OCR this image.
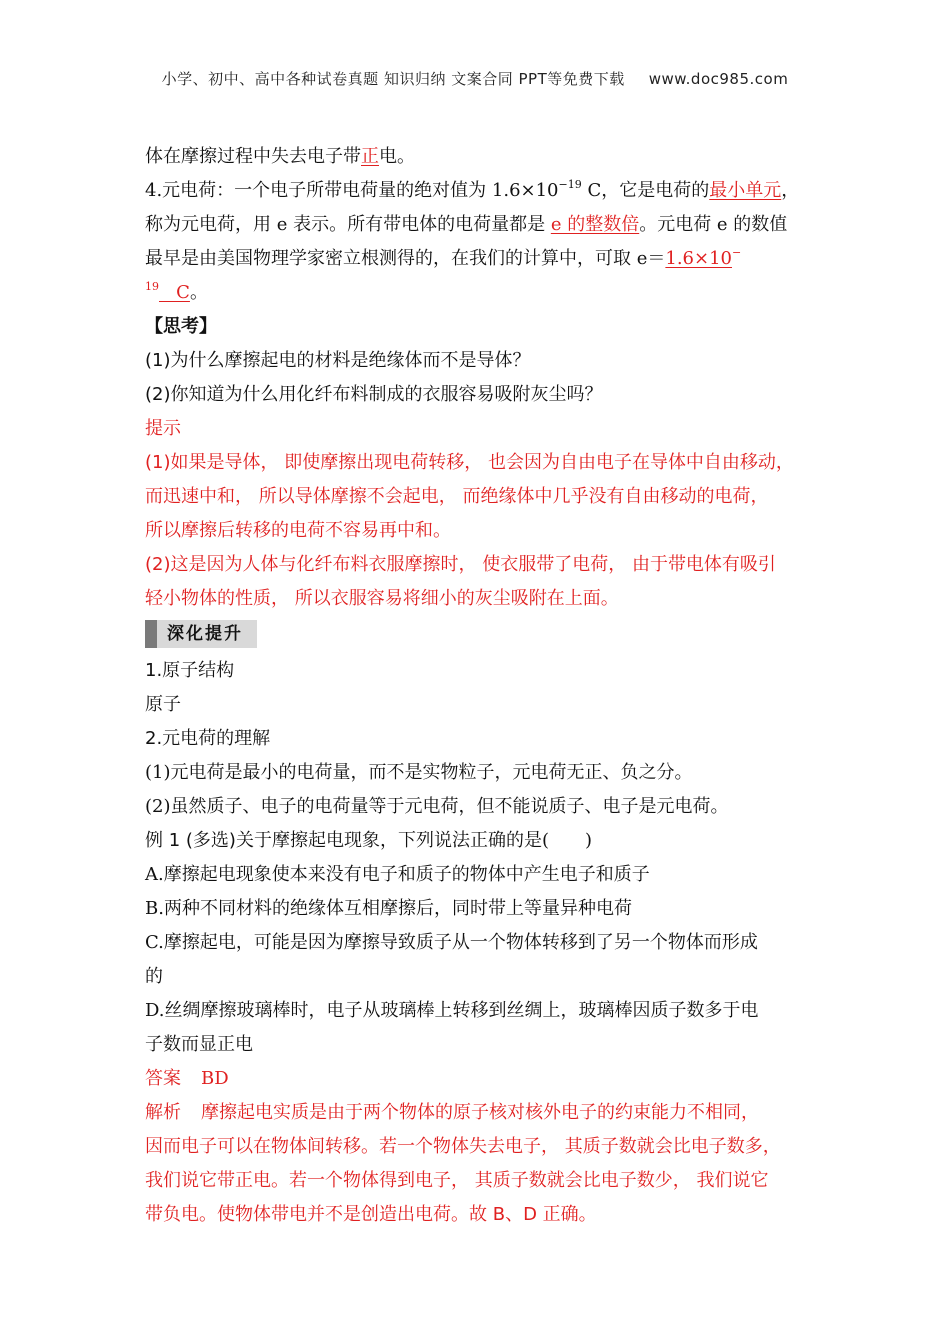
小学、初中、高中各种试卷真题 知识归纳 文案合同 PPT等免费下载 www.doc985.com
体在摩擦过程中失去电子带正电。
4.元电荷：一个电子所带电荷量的绝对值为 $1.6\times 10^{-19}$ C，它是电荷的最小单元，
称为元电荷，用 e 表示。所有带电体的电荷量都是 e 的整数倍。元电荷 e 的数值
最早是由美国物理学家密立根测得的，在我们的计算中，可取 e＝1.6×10−
$^{19}$   C。
【思考】
(1)为什么摩擦起电的材料是绝缘体而不是导体？
(2)你知道为什么用化纤布料制成的衣服容易吸附灰尘吗？
提示
(1)如果是导体， 即使摩擦出现电荷转移， 也会因为自由电子在导体中自由移动，
而迅速中和， 所以导体摩擦不会起电， 而绝缘体中几乎没有自由移动的电荷，
所以摩擦后转移的电荷不容易再中和。
(2)这是因为人体与化纤布料衣服摩擦时， 使衣服带了电荷， 由于带电体有吸引
轻小物体的性质， 所以衣服容易将细小的灰尘吸附在上面。
深化提升
1.原子结构
原子
2.元电荷的理解
(1)元电荷是最小的电荷量，而不是实物粒子，元电荷无正、负之分。
(2)虽然质子、电子的电荷量等于元电荷，但不能说质子、电子是元电荷。
例 1 (多选)关于摩擦起电现象，下列说法正确的是( )
A.摩擦起电现象使本来没有电子和质子的物体中产生电子和质子
B.两种不同材料的绝缘体互相摩擦后，同时带上等量异种电荷
C.摩擦起电，可能是因为摩擦导致质子从一个物体转移到了另一个物体而形成
的
D.丝绸摩擦玻璃棒时，电子从玻璃棒上转移到丝绸上，玻璃棒因质子数多于电
子数而显正电
答案 BD
解析 摩擦起电实质是由于两个物体的原子核对核外电子的约束能力不相同，
因而电子可以在物体间转移。若一个物体失去电子， 其质子数就会比电子数多，
我们说它带正电。若一个物体得到电子， 其质子数就会比电子数少， 我们说它
带负电。使物体带电并不是创造出电荷。故 B、D 正确。
